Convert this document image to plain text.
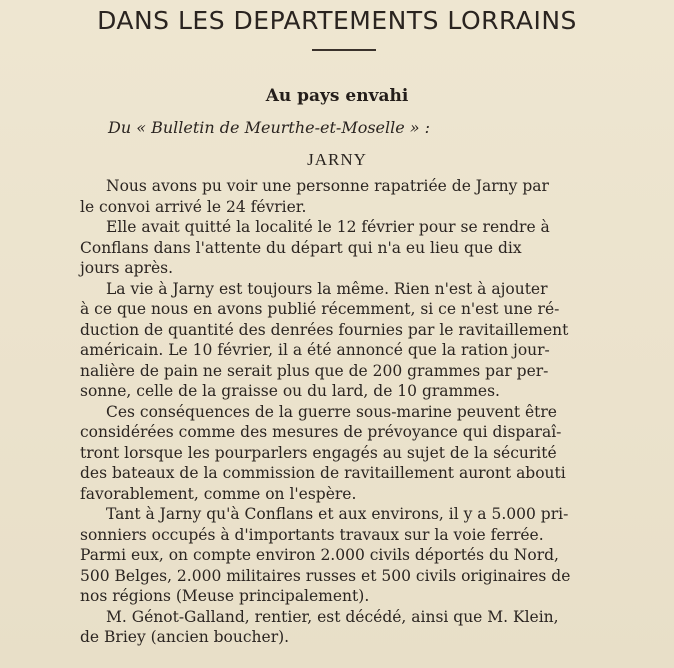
DANS LES DEPARTEMENTS LORRAINS
Au pays envahi
Du « Bulletin de Meurthe-et-Moselle » :
JARNY
Nous avons pu voir une personne rapatriée de Jarny par
le convoi arrivé le 24 février.
Elle avait quitté la localité le 12 février pour se rendre à
Conflans dans l'attente du départ qui n'a eu lieu que dix
jours après.
La vie à Jarny est toujours la même. Rien n'est à ajouter
à ce que nous en avons publié récemment, si ce n'est une ré-
duction de quantité des denrées fournies par le ravitaillement
américain. Le 10 février, il a été annoncé que la ration jour-
nalière de pain ne serait plus que de 200 grammes par per-
sonne, celle de la graisse ou du lard, de 10 grammes.
Ces conséquences de la guerre sous-marine peuvent être
considérées comme des mesures de prévoyance qui disparaî-
tront lorsque les pourparlers engagés au sujet de la sécurité
des bateaux de la commission de ravitaillement auront abouti
favorablement, comme on l'espère.
Tant à Jarny qu'à Conflans et aux environs, il y a 5.000 pri-
sonniers occupés à d'importants travaux sur la voie ferrée.
Parmi eux, on compte environ 2.000 civils déportés du Nord,
500 Belges, 2.000 militaires russes et 500 civils originaires de
nos régions (Meuse principalement).
M. Génot-Galland, rentier, est décédé, ainsi que M. Klein,
de Briey (ancien boucher).
